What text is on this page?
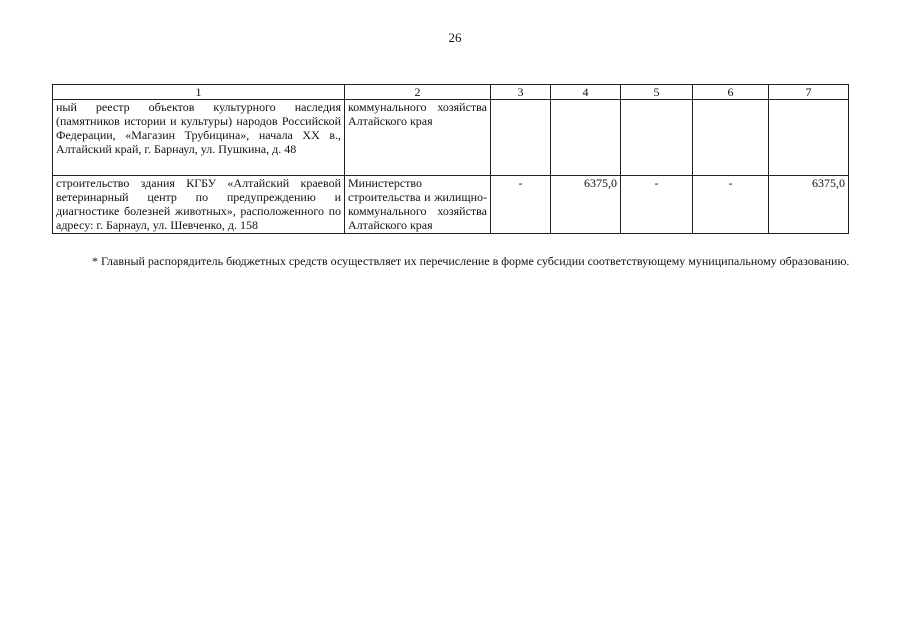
26
1	2	3	4	5	6	7
ный реестр объектов культурного наследия (памятников истории и культуры) народов Российской Федерации, «Магазин Трубицина», начала XX в., Алтайский край, г. Барнаул, ул. Пушкина, д. 48	коммунального хозяйства Алтайского края					
строительство здания КГБУ «Алтайский краевой ветеринарный центр по предупреждению и диагностике болезней животных», расположенного по адресу: г. Барнаул, ул. Шевченко, д. 158	Министерство строительства и жилищно-коммунального хозяйства Алтайского края	-	6375,0	-	-	6375,0
* Главный распорядитель бюджетных средств осуществляет их перечисление в форме субсидии соответствующему муниципальному образованию.
